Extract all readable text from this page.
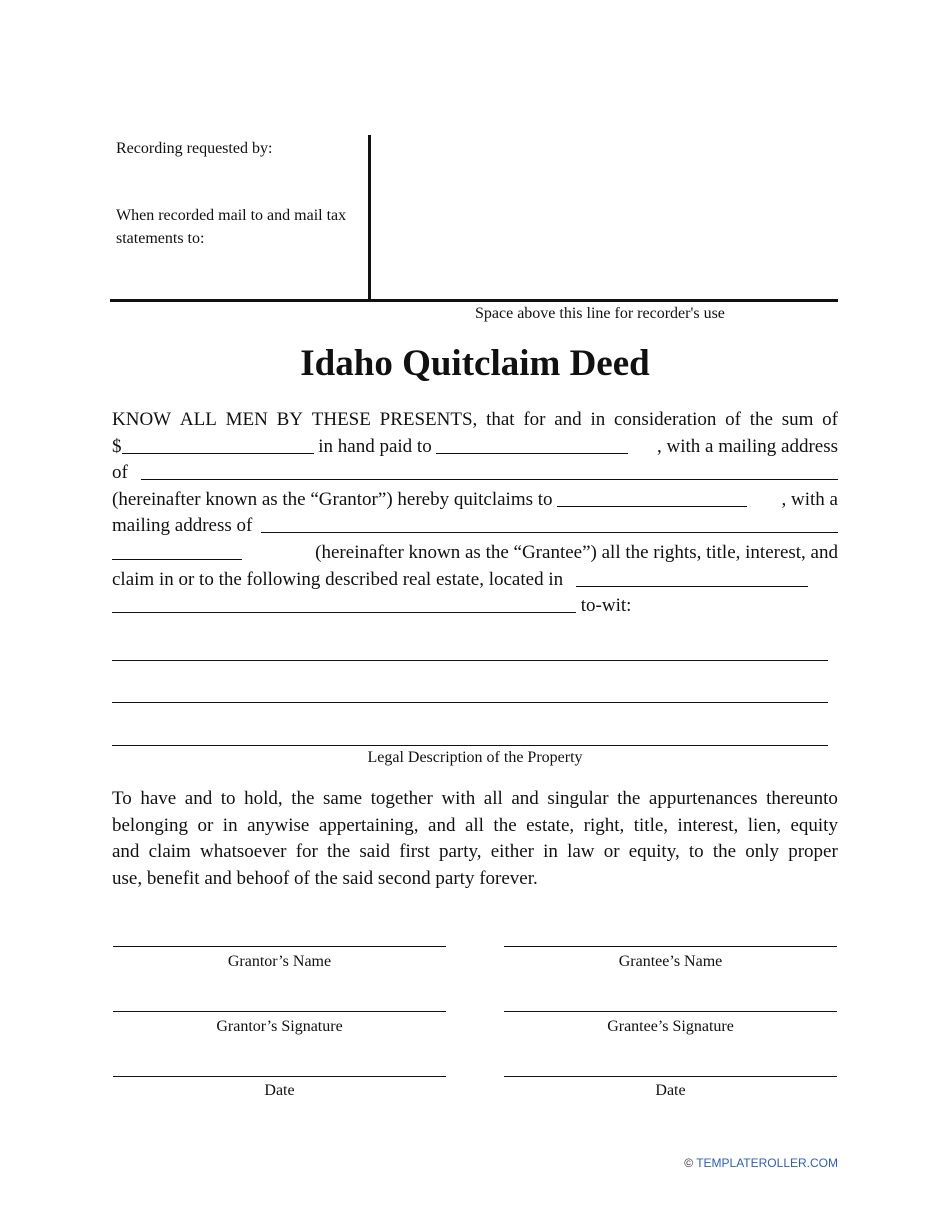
Recording requested by:
When recorded mail to and mail tax statements to:
Space above this line for recorder's use
Idaho Quitclaim Deed
KNOW ALL MEN BY THESE PRESENTS, that for and in consideration of the sum of
$	in hand paid to	, with a mailing address
of
(hereinafter known as the “Grantor”) hereby quitclaims to	, with a
mailing address of
(hereinafter known as the “Grantee”) all the rights, title, interest, and
claim in or to the following described real estate, located in
to-wit:
Legal Description of the Property
To have and to hold, the same together with all and singular the appurtenances thereunto
belonging or in anywise appertaining, and all the estate, right, title, interest, lien, equity
and claim whatsoever for the said first party, either in law or equity, to the only proper
use, benefit and behoof of the said second party forever.
Grantor’s Name	Grantee’s Name
Grantor’s Signature	Grantee’s Signature
Date	Date
© TEMPLATEROLLER.COM
